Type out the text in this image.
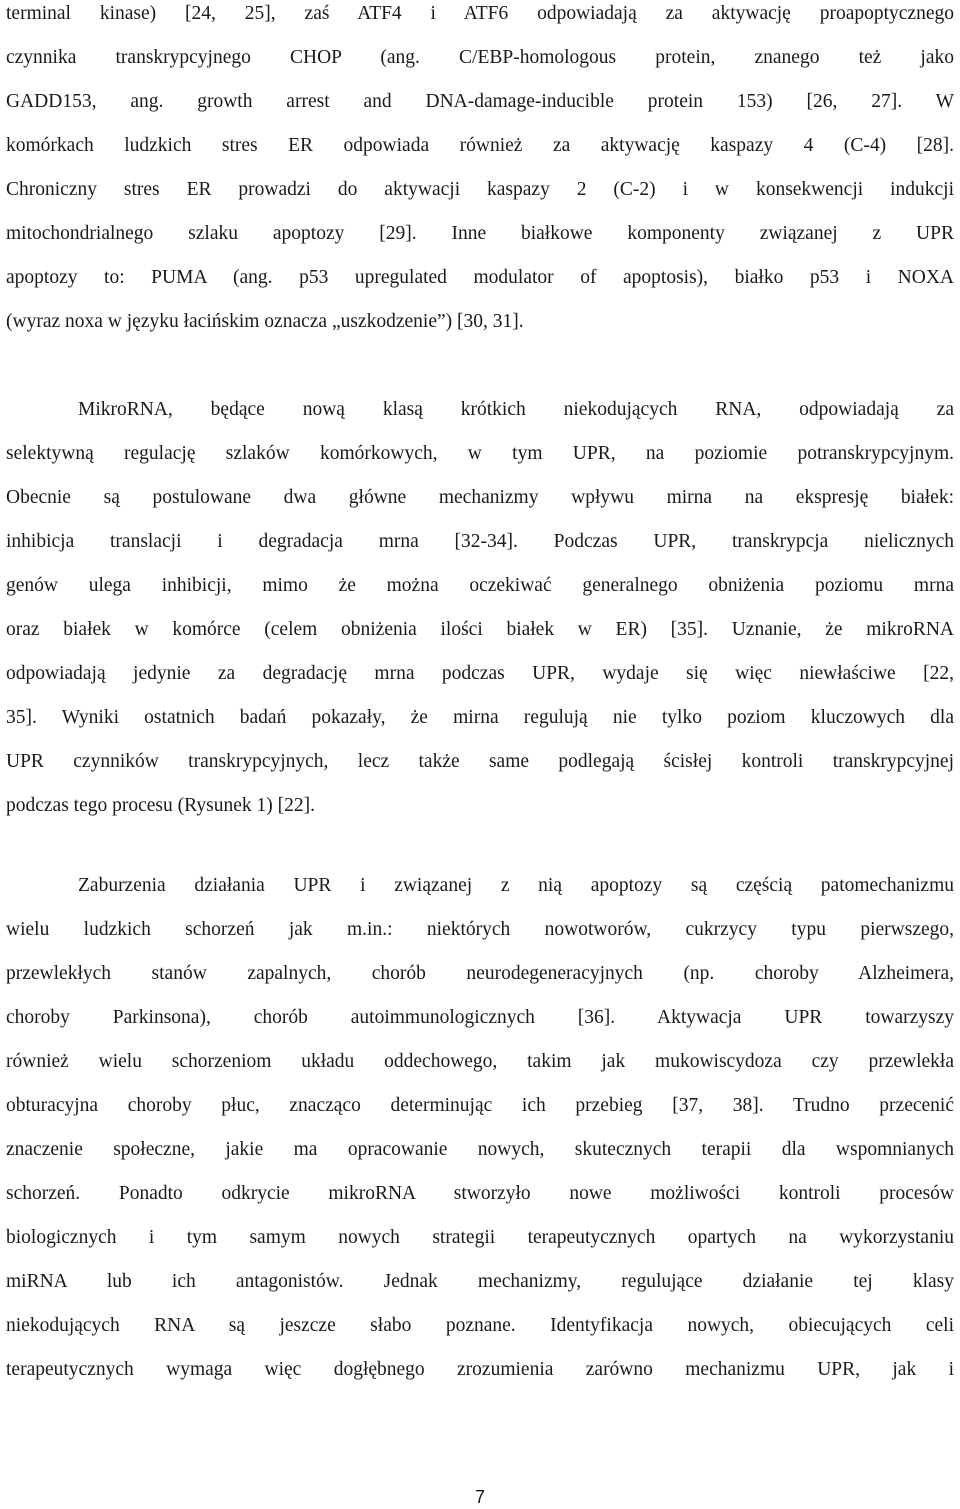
terminal kinase) [24, 25], zaś ATF4 i ATF6 odpowiadają za aktywację proapoptycznego
czynnika transkrypcyjnego CHOP (ang. C/EBP-homologous protein, znanego też jako
GADD153, ang. growth arrest and DNA-damage-inducible protein 153) [26, 27]. W
komórkach ludzkich stres ER odpowiada również za aktywację kaspazy 4 (C-4) [28].
Chroniczny stres ER prowadzi do aktywacji kaspazy 2 (C-2) i w konsekwencji indukcji
mitochondrialnego szlaku apoptozy [29]. Inne białkowe komponenty związanej z UPR
apoptozy to: PUMA (ang. p53 upregulated modulator of apoptosis), białko p53 i NOXA
(wyraz noxa w języku łacińskim oznacza „uszkodzenie”) [30, 31].
MikroRNA, będące nową klasą krótkich niekodujących RNA, odpowiadają za
selektywną regulację szlaków komórkowych, w tym UPR, na poziomie potranskrypcyjnym.
Obecnie są postulowane dwa główne mechanizmy wpływu mirna na ekspresję białek:
inhibicja translacji i degradacja mrna [32-34]. Podczas UPR, transkrypcja nielicznych
genów ulega inhibicji, mimo że można oczekiwać generalnego obniżenia poziomu mrna
oraz białek w komórce (celem obniżenia ilości białek w ER) [35]. Uznanie, że mikroRNA
odpowiadają jedynie za degradację mrna podczas UPR, wydaje się więc niewłaściwe [22,
35]. Wyniki ostatnich badań pokazały, że mirna regulują nie tylko poziom kluczowych dla
UPR czynników transkrypcyjnych, lecz także same podlegają ścisłej kontroli transkrypcyjnej
podczas tego procesu (Rysunek 1) [22].
Zaburzenia działania UPR i związanej z nią apoptozy są częścią patomechanizmu
wielu ludzkich schorzeń jak m.in.: niektórych nowotworów, cukrzycy typu pierwszego,
przewlekłych stanów zapalnych, chorób neurodegeneracyjnych (np. choroby Alzheimera,
choroby Parkinsona), chorób autoimmunologicznych [36]. Aktywacja UPR towarzyszy
również wielu schorzeniom układu oddechowego, takim jak mukowiscydoza czy przewlekła
obturacyjna choroby płuc, znacząco determinując ich przebieg [37, 38]. Trudno przecenić
znaczenie społeczne, jakie ma opracowanie nowych, skutecznych terapii dla wspomnianych
schorzeń. Ponadto odkrycie mikroRNA stworzyło nowe możliwości kontroli procesów
biologicznych i tym samym nowych strategii terapeutycznych opartych na wykorzystaniu
miRNA lub ich antagonistów. Jednak mechanizmy, regulujące działanie tej klasy
niekodujących RNA są jeszcze słabo poznane. Identyfikacja nowych, obiecujących celi
terapeutycznych wymaga więc dogłębnego zrozumienia zarówno mechanizmu UPR, jak i
7
